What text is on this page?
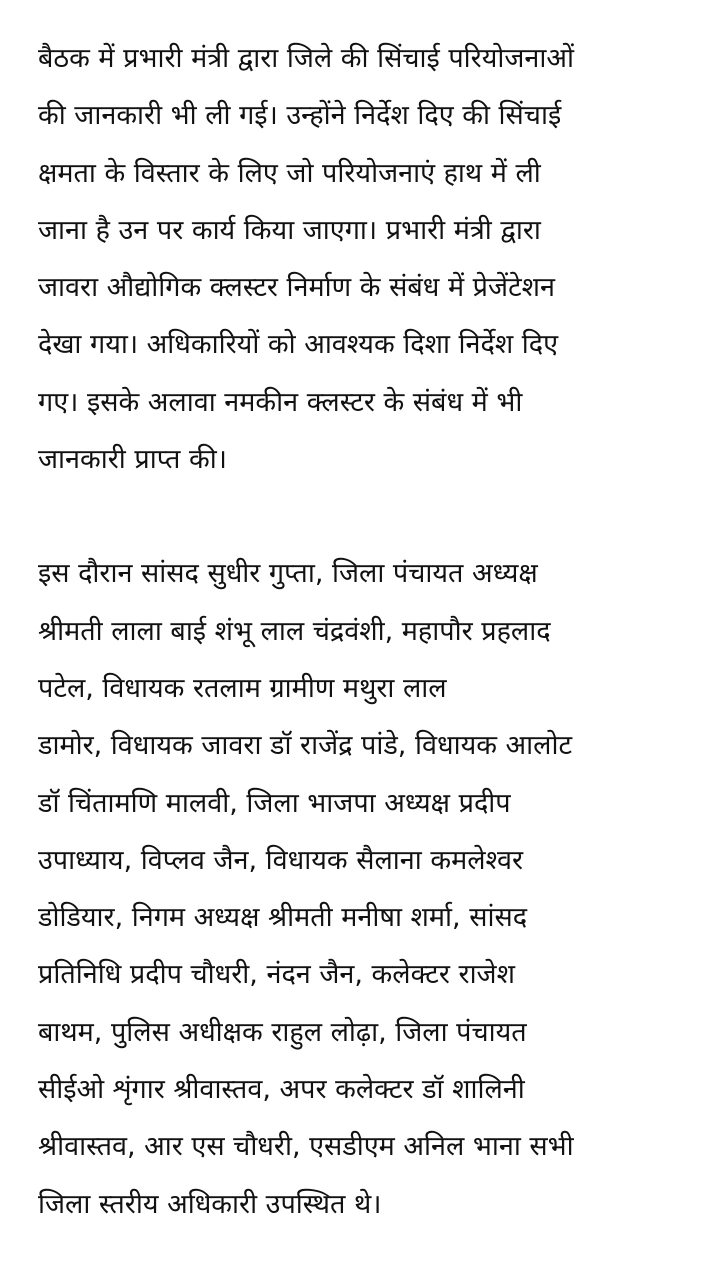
बैठक में प्रभारी मंत्री द्वारा जिले की सिंचाई परियोजनाओं
की जानकारी भी ली गई। उन्होंने निर्देश दिए की सिंचाई
क्षमता के विस्तार के लिए जो परियोजनाएं हाथ में ली
जाना है उन पर कार्य किया जाएगा। प्रभारी मंत्री द्वारा
जावरा औद्योगिक क्लस्टर निर्माण के संबंध में प्रेजेंटेशन
देखा गया। अधिकारियों को आवश्यक दिशा निर्देश दिए
गए। इसके अलावा नमकीन क्लस्टर के संबंध में भी
जानकारी प्राप्त की।
इस दौरान सांसद सुधीर गुप्ता, जिला पंचायत अध्यक्ष
श्रीमती लाला बाई शंभू लाल चंद्रवंशी, महापौर प्रहलाद
पटेल, विधायक रतलाम ग्रामीण मथुरा लाल
डामोर, विधायक जावरा डॉ राजेंद्र पांडे, विधायक आलोट
डॉ चिंतामणि मालवी, जिला भाजपा अध्यक्ष प्रदीप
उपाध्याय, विप्लव जैन, विधायक सैलाना कमलेश्वर
डोडियार, निगम अध्यक्ष श्रीमती मनीषा शर्मा, सांसद
प्रतिनिधि प्रदीप चौधरी, नंदन जैन, कलेक्टर राजेश
बाथम, पुलिस अधीक्षक राहुल लोढ़ा, जिला पंचायत
सीईओ शृंगार श्रीवास्तव, अपर कलेक्टर डॉ शालिनी
श्रीवास्तव, आर एस चौधरी, एसडीएम अनिल भाना सभी
जिला स्तरीय अधिकारी उपस्थित थे।
